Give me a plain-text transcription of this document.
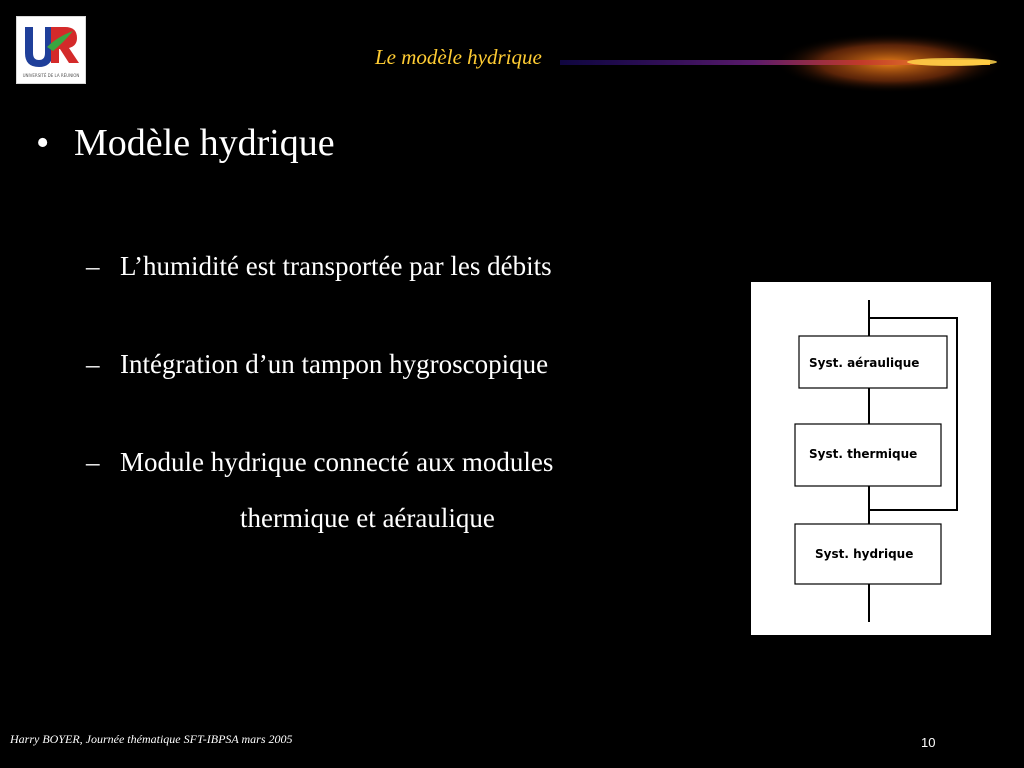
UNIVERSITÉ DE LA RÉUNION
Le modèle hydrique
• Modèle hydrique
– L’humidité est transportée par les débits
– Intégration d’un tampon hygroscopique
– Module hydrique connecté aux modules
thermique et aéraulique
Syst. aéraulique
Syst. thermique
Syst. hydrique
Harry BOYER, Journée thématique SFT-IBPSA mars 2005	10
